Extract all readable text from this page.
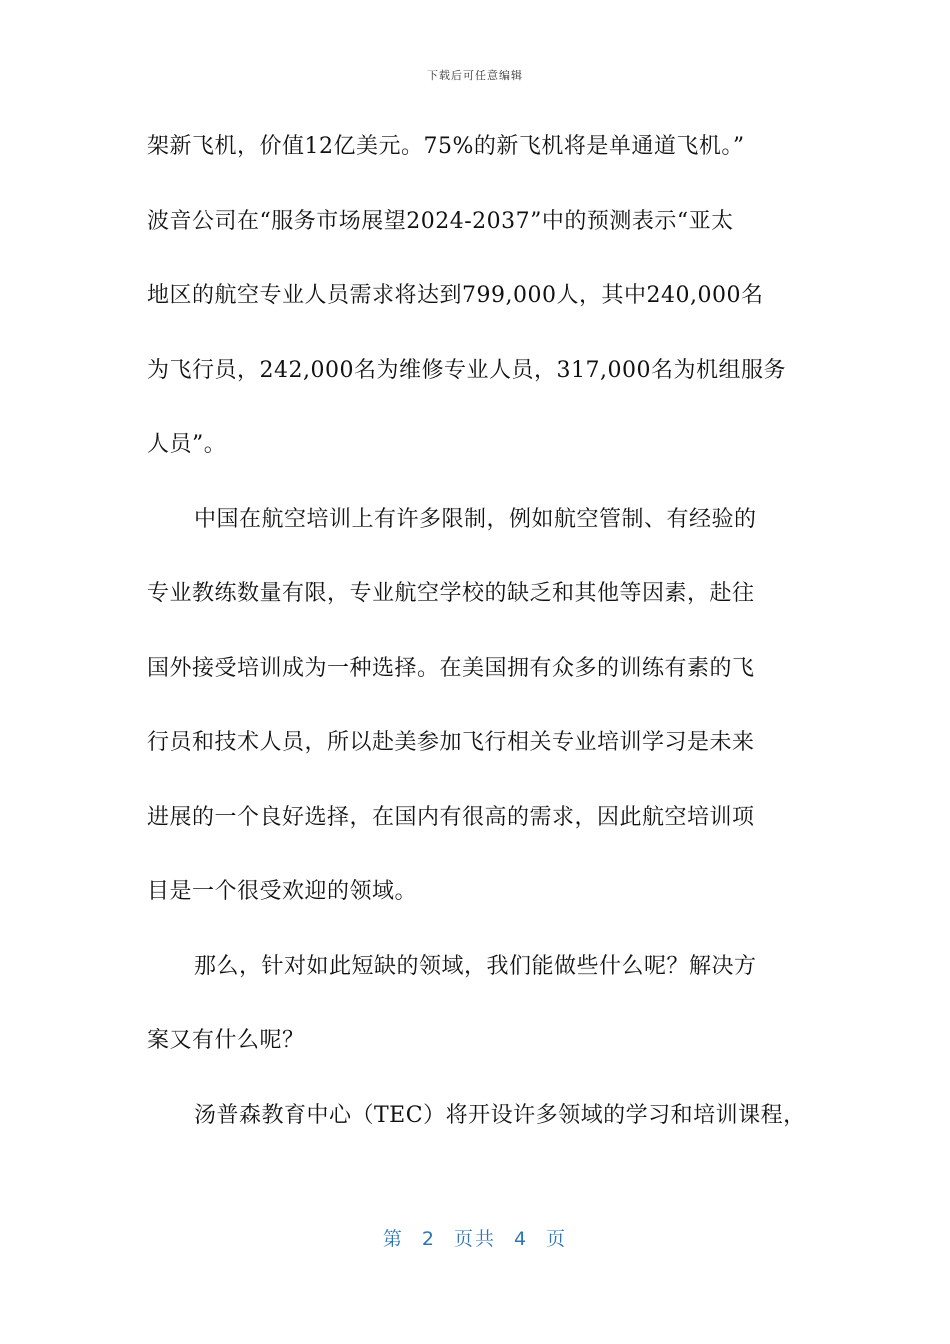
下载后可任意编辑
架新飞机，价值12亿美元。75%的新飞机将是单通道飞机。”
波音公司在“服务市场展望2024-2037”中的预测表示“亚太
地区的航空专业人员需求将达到799,000人，其中240,000名
为飞行员，242,000名为维修专业人员，317,000名为机组服务
人员”。
中国在航空培训上有许多限制，例如航空管制、有经验的
专业教练数量有限，专业航空学校的缺乏和其他等因素，赴往
国外接受培训成为一种选择。在美国拥有众多的训练有素的飞
行员和技术人员，所以赴美参加飞行相关专业培训学习是未来
进展的一个良好选择，在国内有很高的需求，因此航空培训项
目是一个很受欢迎的领域。
那么，针对如此短缺的领域，我们能做些什么呢？解决方
案又有什么呢？
汤普森教育中心（TEC）将开设许多领域的学习和培训课程，
第 2 页共 4 页
